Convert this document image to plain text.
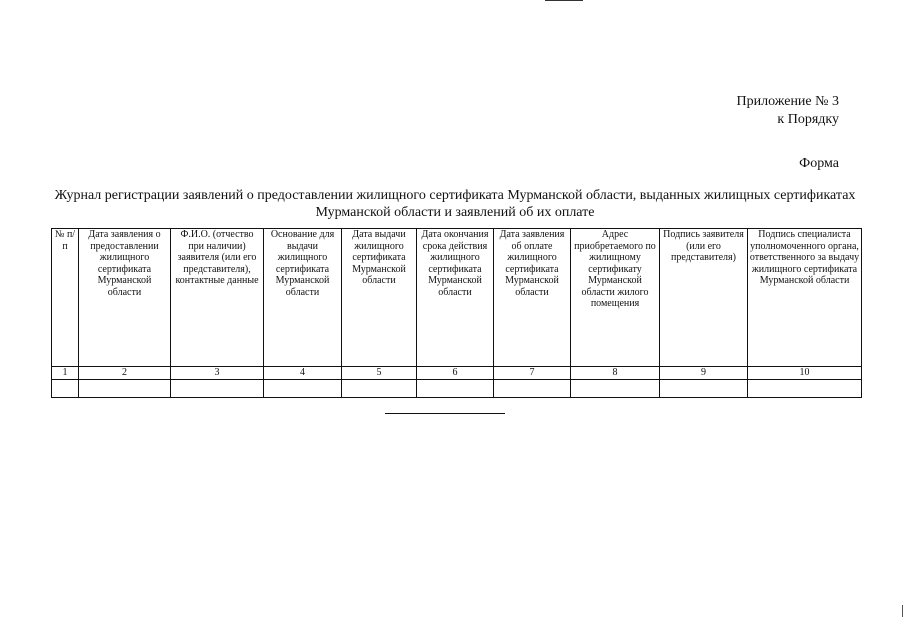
Приложение № 3
к Порядку
Форма
Журнал регистрации заявлений о предоставлении жилищного сертификата Мурманской области, выданных жилищных сертификатах Мурманской области и заявлений об их оплате
№ п/п	Дата заявления о предоставлении жилищного сертификата Мурманской области	Ф.И.О. (отчество при наличии) заявителя (или его представителя), контактные данные	Основание для выдачи жилищного сертификата Мурманской области	Дата выдачи жилищного сертификата Мурманской области	Дата окончания срока действия жилищного сертификата Мурманской области	Дата заявления об оплате жилищного сертификата Мурманской области	Адрес приобретаемого по жилищному сертификату Мурманской области жилого помещения	Подпись заявителя (или его представителя)	Подпись специалиста уполномоченного органа, ответственного за выдачу жилищного сертификата Мурманской области
1	2	3	4	5	6	7	8	9	10
